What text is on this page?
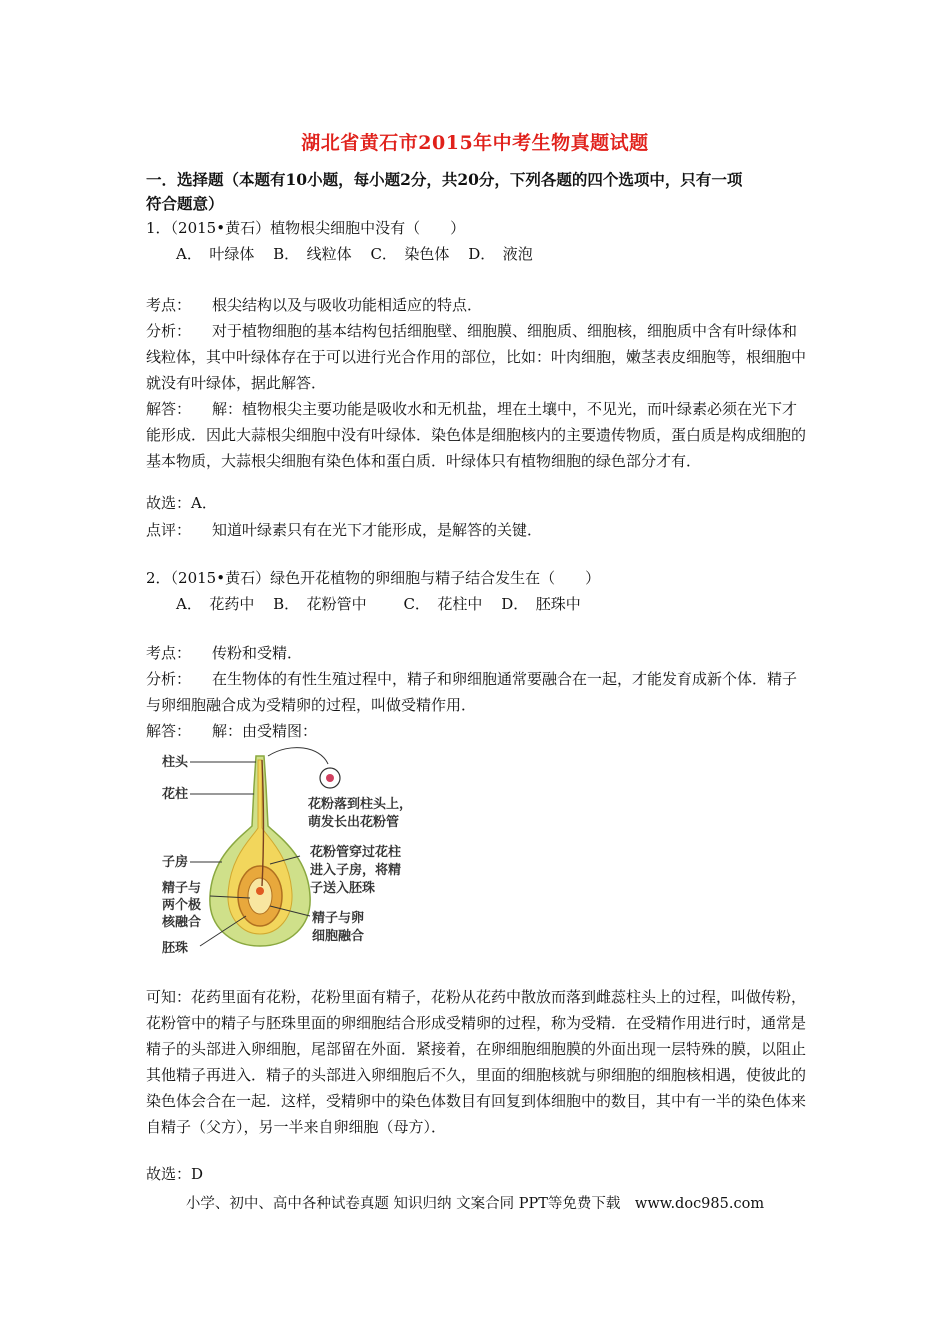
湖北省黄石市2015年中考生物真题试题
一．选择题（本题有10小题，每小题2分，共20分，下列各题的四个选项中，只有一项
符合题意）
1．（2015•黄石）植物根尖细胞中没有（　　）
A．　叶绿体 B．　线粒体 C．　染色体 D．　液泡
考点： 根尖结构以及与吸收功能相适应的特点．
分析： 对于植物细胞的基本结构包括细胞壁、细胞膜、细胞质、细胞核，细胞质中含有叶绿体和线粒体，其中叶绿体存在于可以进行光合作用的部位，比如：叶肉细胞，嫩茎表皮细胞等，根细胞中就没有叶绿体，据此解答．
解答： 解：植物根尖主要功能是吸收水和无机盐，埋在土壤中，不见光，而叶绿素必须在光下才能形成．因此大蒜根尖细胞中没有叶绿体．染色体是细胞核内的主要遗传物质，蛋白质是构成细胞的基本物质，大蒜根尖细胞有染色体和蛋白质．叶绿体只有植物细胞的绿色部分才有．
故选：A．
点评： 知道叶绿素只有在光下才能形成，是解答的关键．
2．（2015•黄石）绿色开花植物的卵细胞与精子结合发生在（　　）
A．　花药中 B．　花粉管中 C．　花柱中 D．　胚珠中
考点： 传粉和受精．
分析： 在生物体的有性生殖过程中，精子和卵细胞通常要融合在一起，才能发育成新个体．精子与卵细胞融合成为受精卵的过程，叫做受精作用．
解答： 解：由受精图：
柱头
花柱
子房
精子与
两个极
核融合
胚珠
花粉落到柱头上，
萌发长出花粉管
花粉管穿过花柱
进入子房，将精
子送入胚珠
精子与卵
细胞融合
可知：花药里面有花粉，花粉里面有精子，花粉从花药中散放而落到雌蕊柱头上的过程，叫做传粉，花粉管中的精子与胚珠里面的卵细胞结合形成受精卵的过程，称为受精．在受精作用进行时，通常是精子的头部进入卵细胞，尾部留在外面．紧接着，在卵细胞细胞膜的外面出现一层特殊的膜，以阻止其他精子再进入．精子的头部进入卵细胞后不久，里面的细胞核就与卵细胞的细胞核相遇，使彼此的染色体会合在一起．这样，受精卵中的染色体数目有回复到体细胞中的数目，其中有一半的染色体来自精子（父方），另一半来自卵细胞（母方）．
故选：D
小学、初中、高中各种试卷真题 知识归纳 文案合同 PPT等免费下载　www.doc985.com
